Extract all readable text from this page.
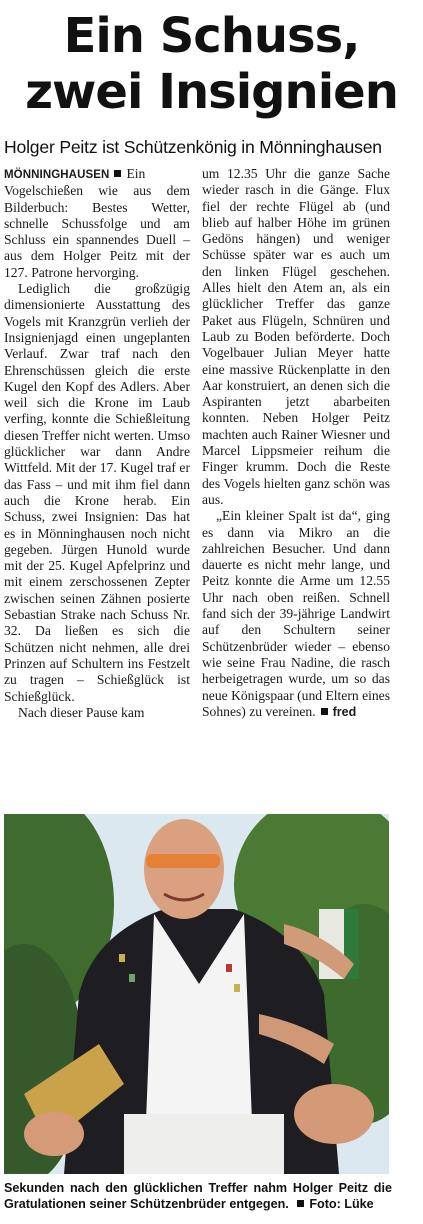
Ein Schuss,
zwei Insignien
Holger Peitz ist Schützenkönig in Mönninghausen

MÖNNINGHAUSEN Ein Vogelschießen wie aus dem Bilderbuch: Bestes Wetter, schnelle Schussfolge und am Schluss ein spannendes Duell – aus dem Holger Peitz mit der 127. Patrone hervorging.

Lediglich die großzügig dimensionierte Ausstattung des Vogels mit Kranzgrün verlieh der Insignienjagd einen ungeplanten Verlauf. Zwar traf nach den Ehrenschüssen gleich die erste Kugel den Kopf des Adlers. Aber weil sich die Krone im Laub verfing, konnte die Schießleitung diesen Treffer nicht werten. Umso glücklicher war dann Andre Wittfeld. Mit der 17. Kugel traf er das Fass – und mit ihm fiel dann auch die Krone herab. Ein Schuss, zwei Insignien: Das hat es in Mönninghausen noch nicht gegeben. Jürgen Hunold wurde mit der 25. Kugel Apfelprinz und mit einem zerschossenen Zepter zwischen seinen Zähnen posierte Sebastian Strake nach Schuss Nr. 32. Da ließen es sich die Schützen nicht nehmen, alle drei Prinzen auf Schultern ins Festzelt zu tragen – Schießglück ist Schießglück.

Nach dieser Pause kam

um 12.35 Uhr die ganze Sache wieder rasch in die Gänge. Flux fiel der rechte Flügel ab (und blieb auf halber Höhe im grünen Gedöns hängen) und weniger Schüsse später war es auch um den linken Flügel geschehen. Alles hielt den Atem an, als ein glücklicher Treffer das ganze Paket aus Flügeln, Schnüren und Laub zu Boden beförderte. Doch Vogelbauer Julian Meyer hatte eine massive Rückenplatte in den Aar konstruiert, an denen sich die Aspiranten jetzt abarbeiten konnten. Neben Holger Peitz machten auch Rainer Wiesner und Marcel Lippsmeier reihum die Finger krumm. Doch die Reste des Vogels hielten ganz schön was aus.

„Ein kleiner Spalt ist da“, ging es dann via Mikro an die zahlreichen Besucher. Und dann dauerte es nicht mehr lange, und Peitz konnte die Arme um 12.55 Uhr nach oben reißen. Schnell fand sich der 39-jährige Landwirt auf den Schultern seiner Schützenbrüder wieder – ebenso wie seine Frau Nadine, die rasch herbeigetragen wurde, um so das neue Königspaar (und Eltern eines Sohnes) zu vereinen. fred

Sekunden nach den glücklichen Treffer nahm Holger Peitz die Gratulationen seiner Schützenbrüder entgegen. Foto: Lüke
